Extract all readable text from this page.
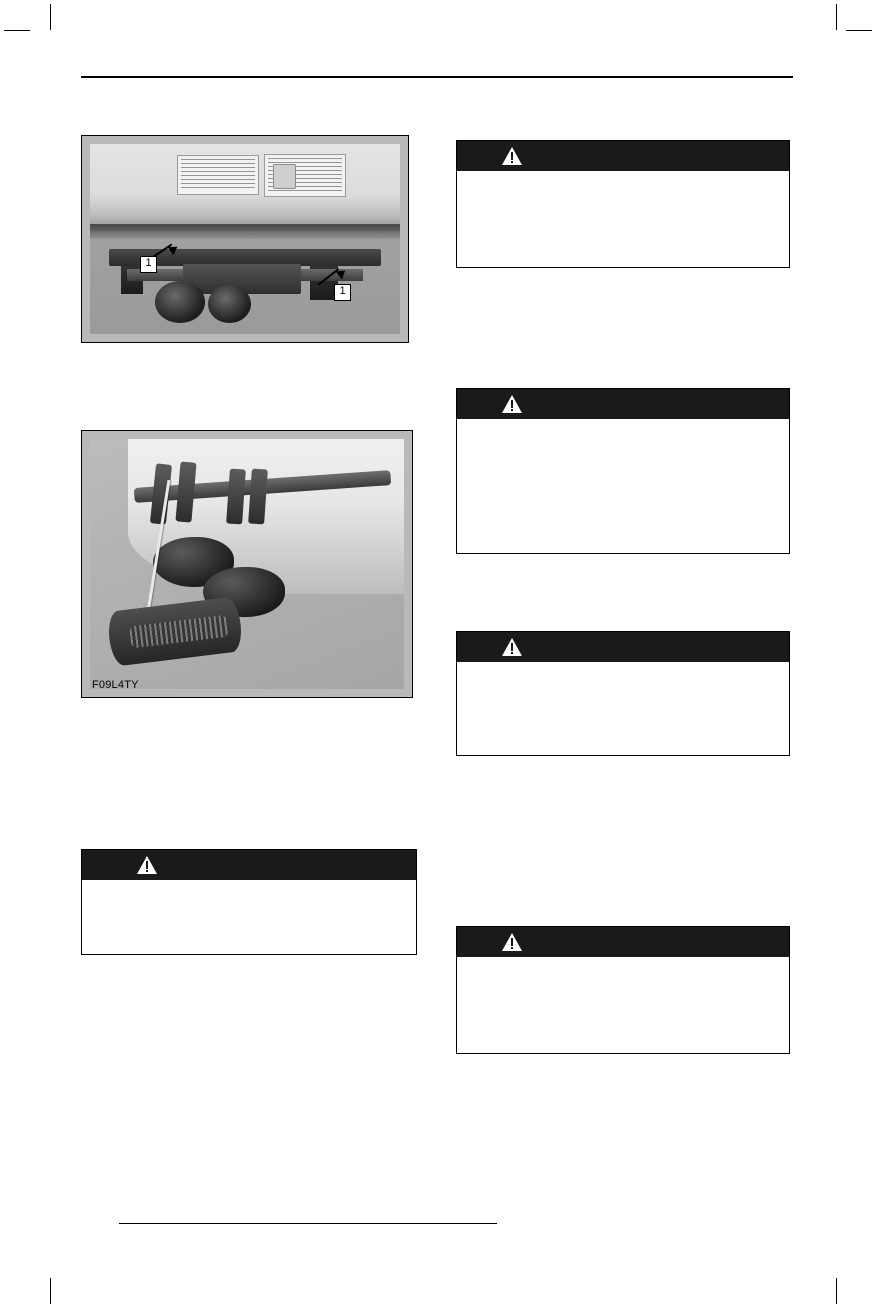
1
1
F09L4TY
